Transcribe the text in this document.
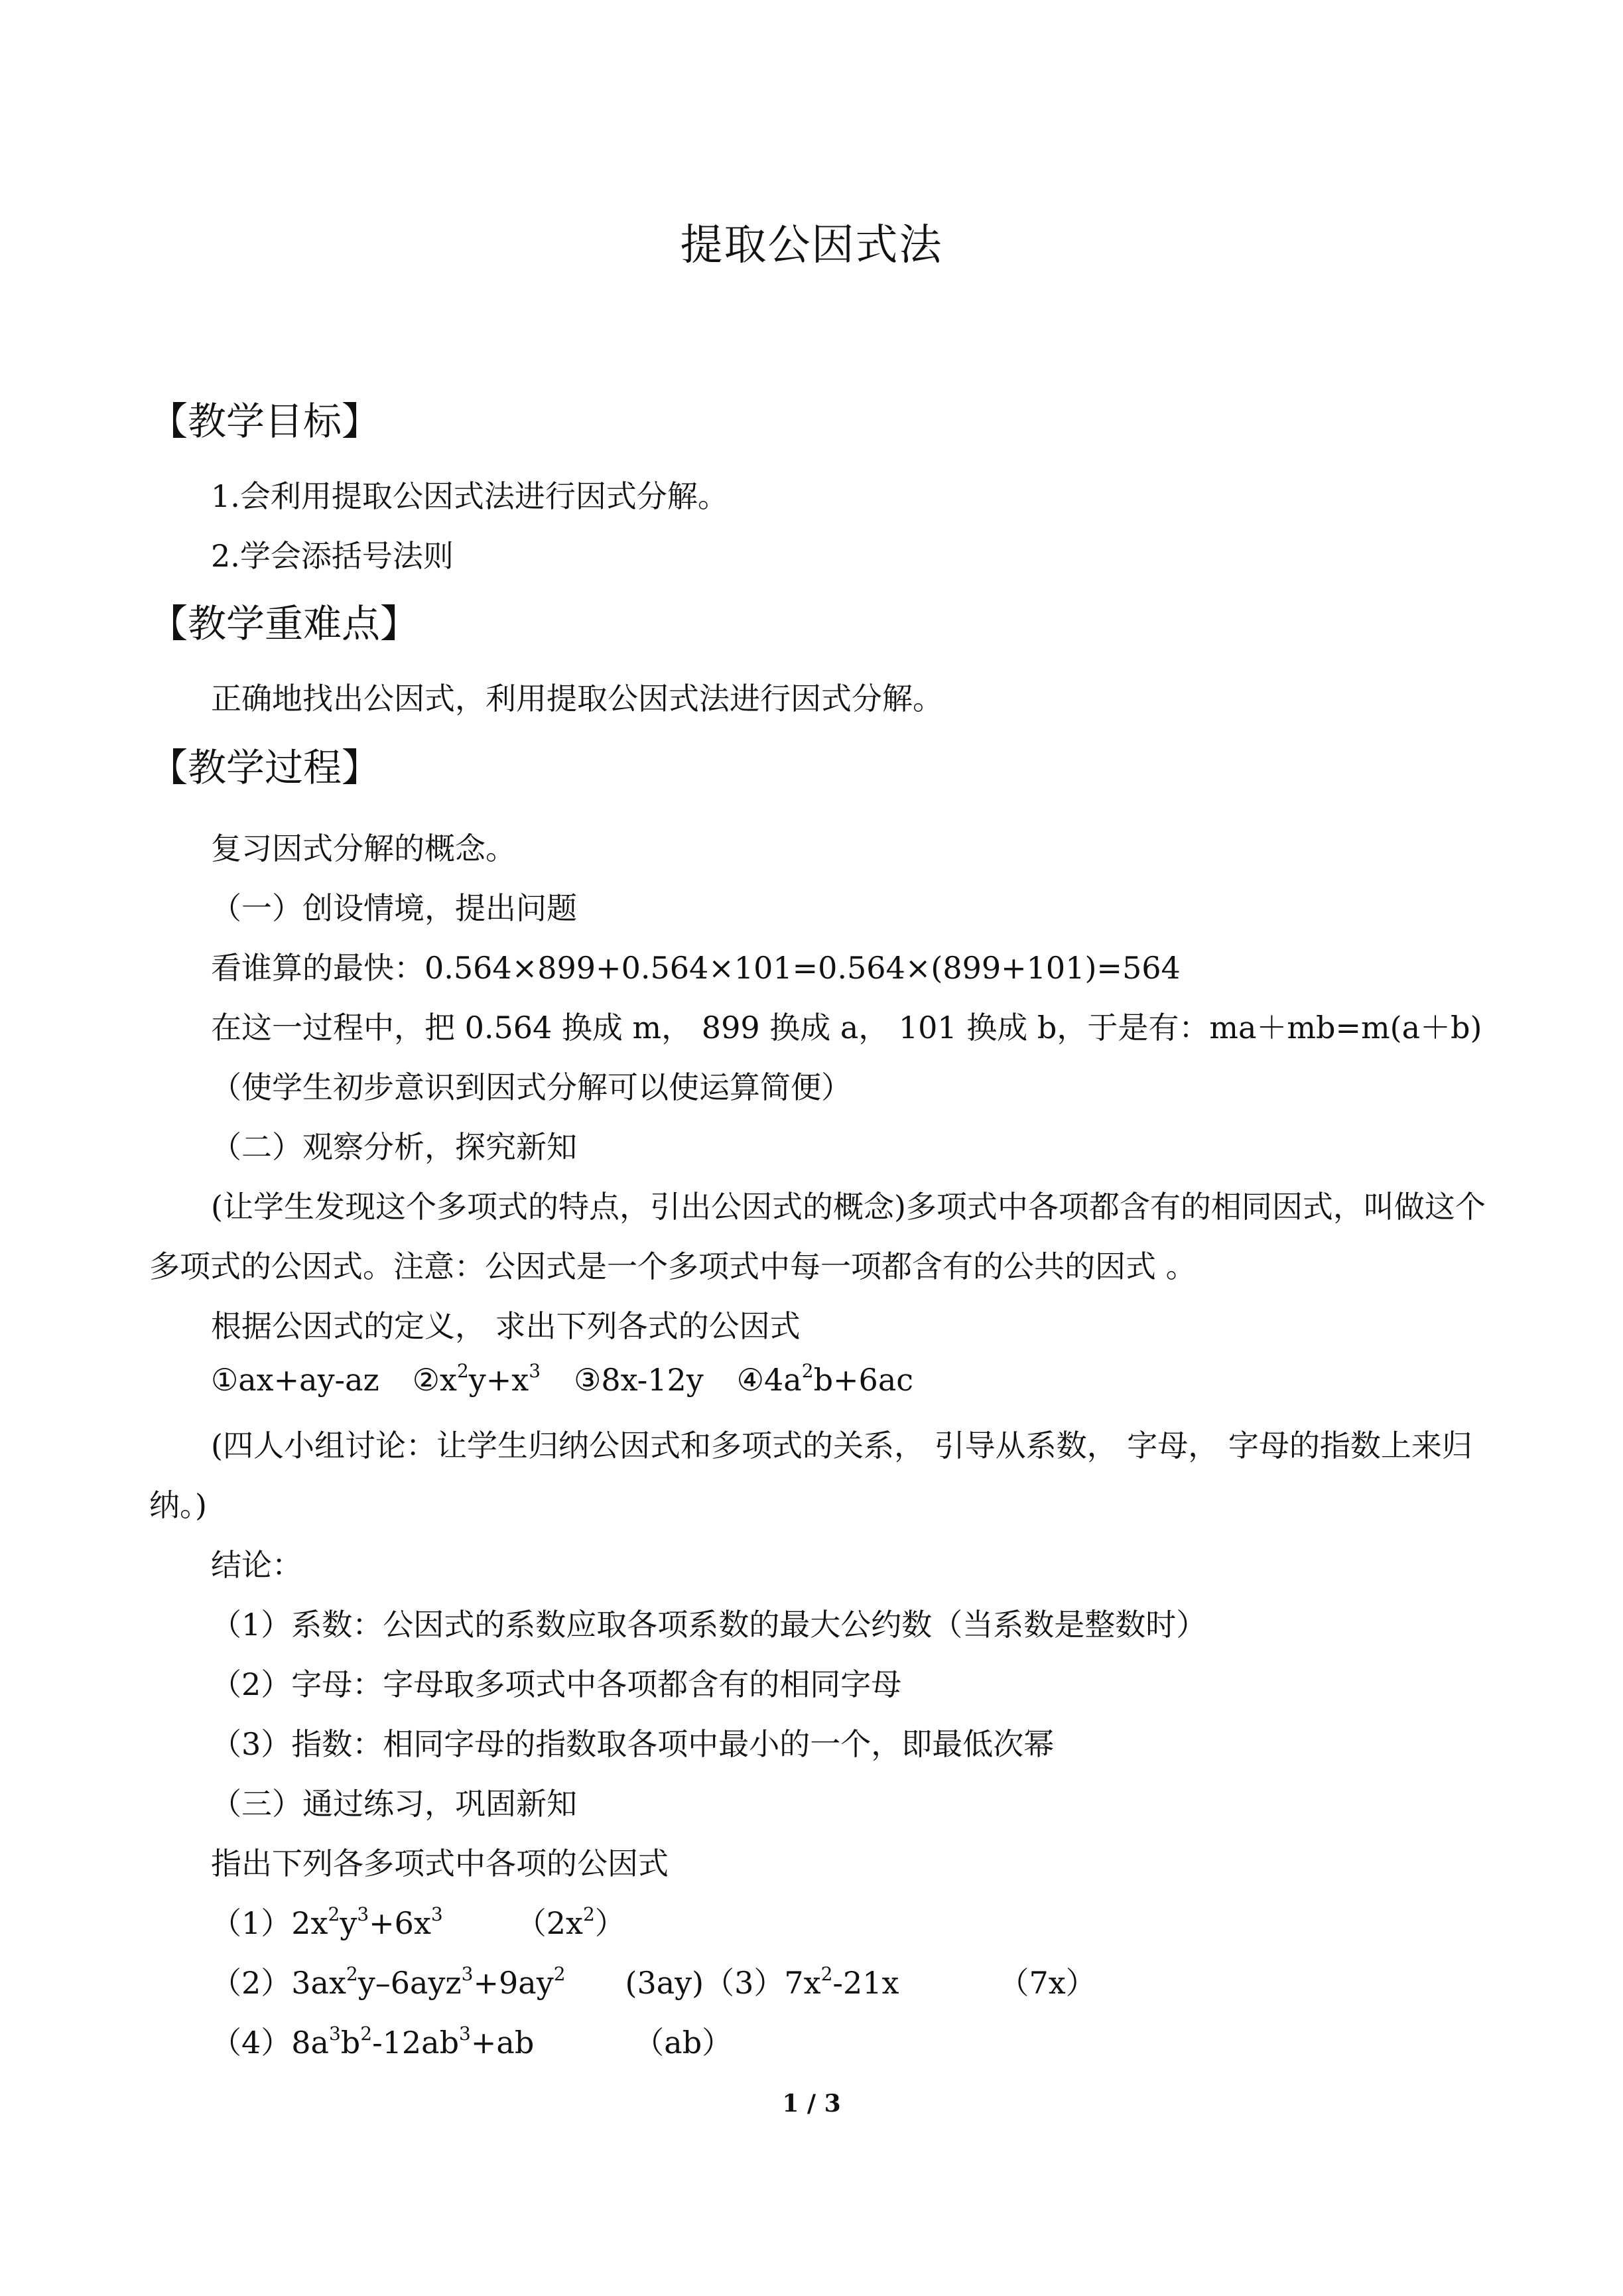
提取公因式法
【教学目标】
1.会利用提取公因式法进行因式分解。
2.学会添括号法则
【教学重难点】
正确地找出公因式，利用提取公因式法进行因式分解。
【教学过程】
复习因式分解的概念。
（一）创设情境，提出问题
看谁算的最快：0.564×899+0.564×101=0.564×(899+101)=564
在这一过程中，把 0.564 换成 m， 899 换成 a， 101 换成 b，于是有：ma＋mb=m(a＋b)
（使学生初步意识到因式分解可以使运算简便）
（二）观察分析，探究新知
(让学生发现这个多项式的特点，引出公因式的概念)多项式中各项都含有的相同因式，叫做这个
多项式的公因式。注意：公因式是一个多项式中每一项都含有的公共的因式 。
根据公因式的定义， 求出下列各式的公因式
①ax+ay-az $②x^2y+x^3$ ③8x-12y $④4a^2b+6ac$
(四人小组讨论：让学生归纳公因式和多项式的关系， 引导从系数， 字母， 字母的指数上来归
纳。)
结论：
（1）系数：公因式的系数应取各项系数的最大公约数（当系数是整数时）
（2）字母：字母取多项式中各项都含有的相同字母
（3）指数：相同字母的指数取各项中最小的一个，即最低次幂
（三）通过练习，巩固新知
指出下列各多项式中各项的公因式
$(1)2x^2y^3+6x^3$ $(2x^2)$
$(2)3ax^2y-6ayz^3+9ay^2$ $(3ay)(3)7x^2-21x$	（7x）
$(4)8a^3b^2-12ab^3+ab$	（ab）
1 / 3
